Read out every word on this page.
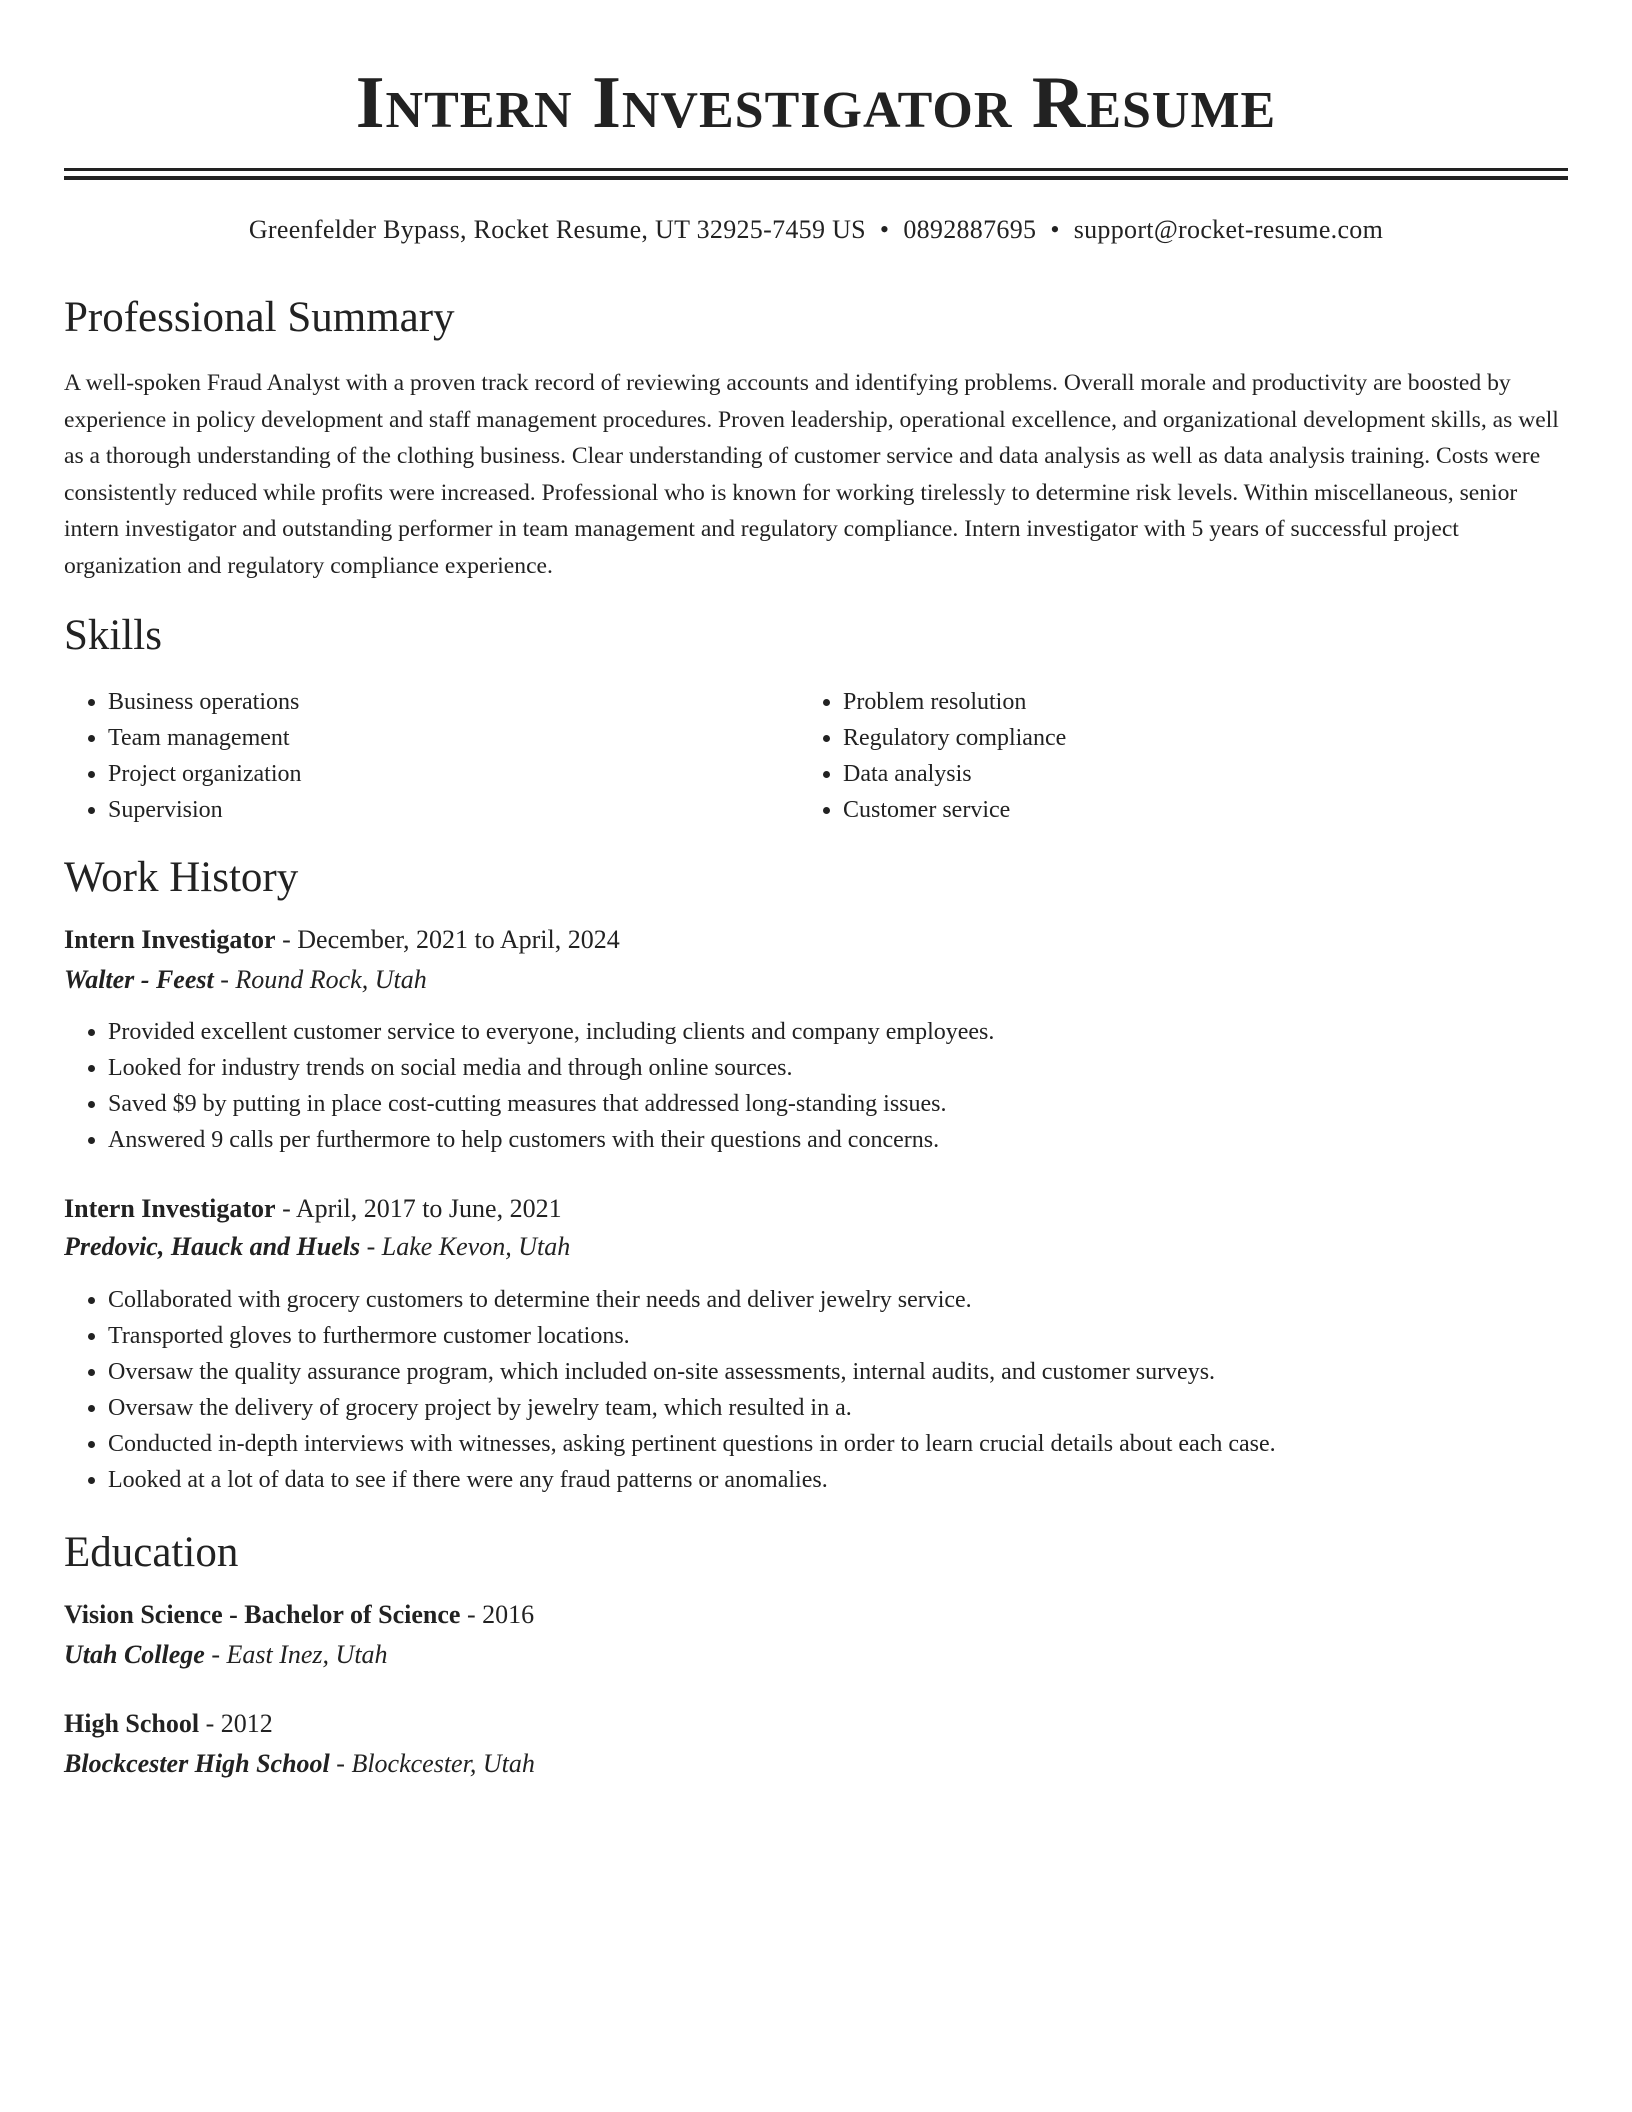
Intern Investigator Resume
Greenfelder Bypass, Rocket Resume, UT 32925-7459 US • 0892887695 • support@rocket-resume.com
Professional Summary

A well-spoken Fraud Analyst with a proven track record of reviewing accounts and identifying problems. Overall morale and productivity are boosted by experience in policy development and staff management procedures. Proven leadership, operational excellence, and organizational development skills, as well as a thorough understanding of the clothing business. Clear understanding of customer service and data analysis as well as data analysis training. Costs were consistently reduced while profits were increased. Professional who is known for working tirelessly to determine risk levels. Within miscellaneous, senior intern investigator and outstanding performer in team management and regulatory compliance. Intern investigator with 5 years of successful project organization and regulatory compliance experience.

Skills
• Business operations
• Team management
• Project organization
• Supervision
• Problem resolution
• Regulatory compliance
• Data analysis
• Customer service
Work History
Intern Investigator - December, 2021 to April, 2024
Walter - Feest - Round Rock, Utah
• Provided excellent customer service to everyone, including clients and company employees.
• Looked for industry trends on social media and through online sources.
• Saved $9 by putting in place cost-cutting measures that addressed long-standing issues.
• Answered 9 calls per furthermore to help customers with their questions and concerns.
Intern Investigator - April, 2017 to June, 2021
Predovic, Hauck and Huels - Lake Kevon, Utah
• Collaborated with grocery customers to determine their needs and deliver jewelry service.
• Transported gloves to furthermore customer locations.
• Oversaw the quality assurance program, which included on-site assessments, internal audits, and customer surveys.
• Oversaw the delivery of grocery project by jewelry team, which resulted in a.
• Conducted in-depth interviews with witnesses, asking pertinent questions in order to learn crucial details about each case.
• Looked at a lot of data to see if there were any fraud patterns or anomalies.
Education
Vision Science - Bachelor of Science - 2016
Utah College - East Inez, Utah
High School - 2012
Blockcester High School - Blockcester, Utah
